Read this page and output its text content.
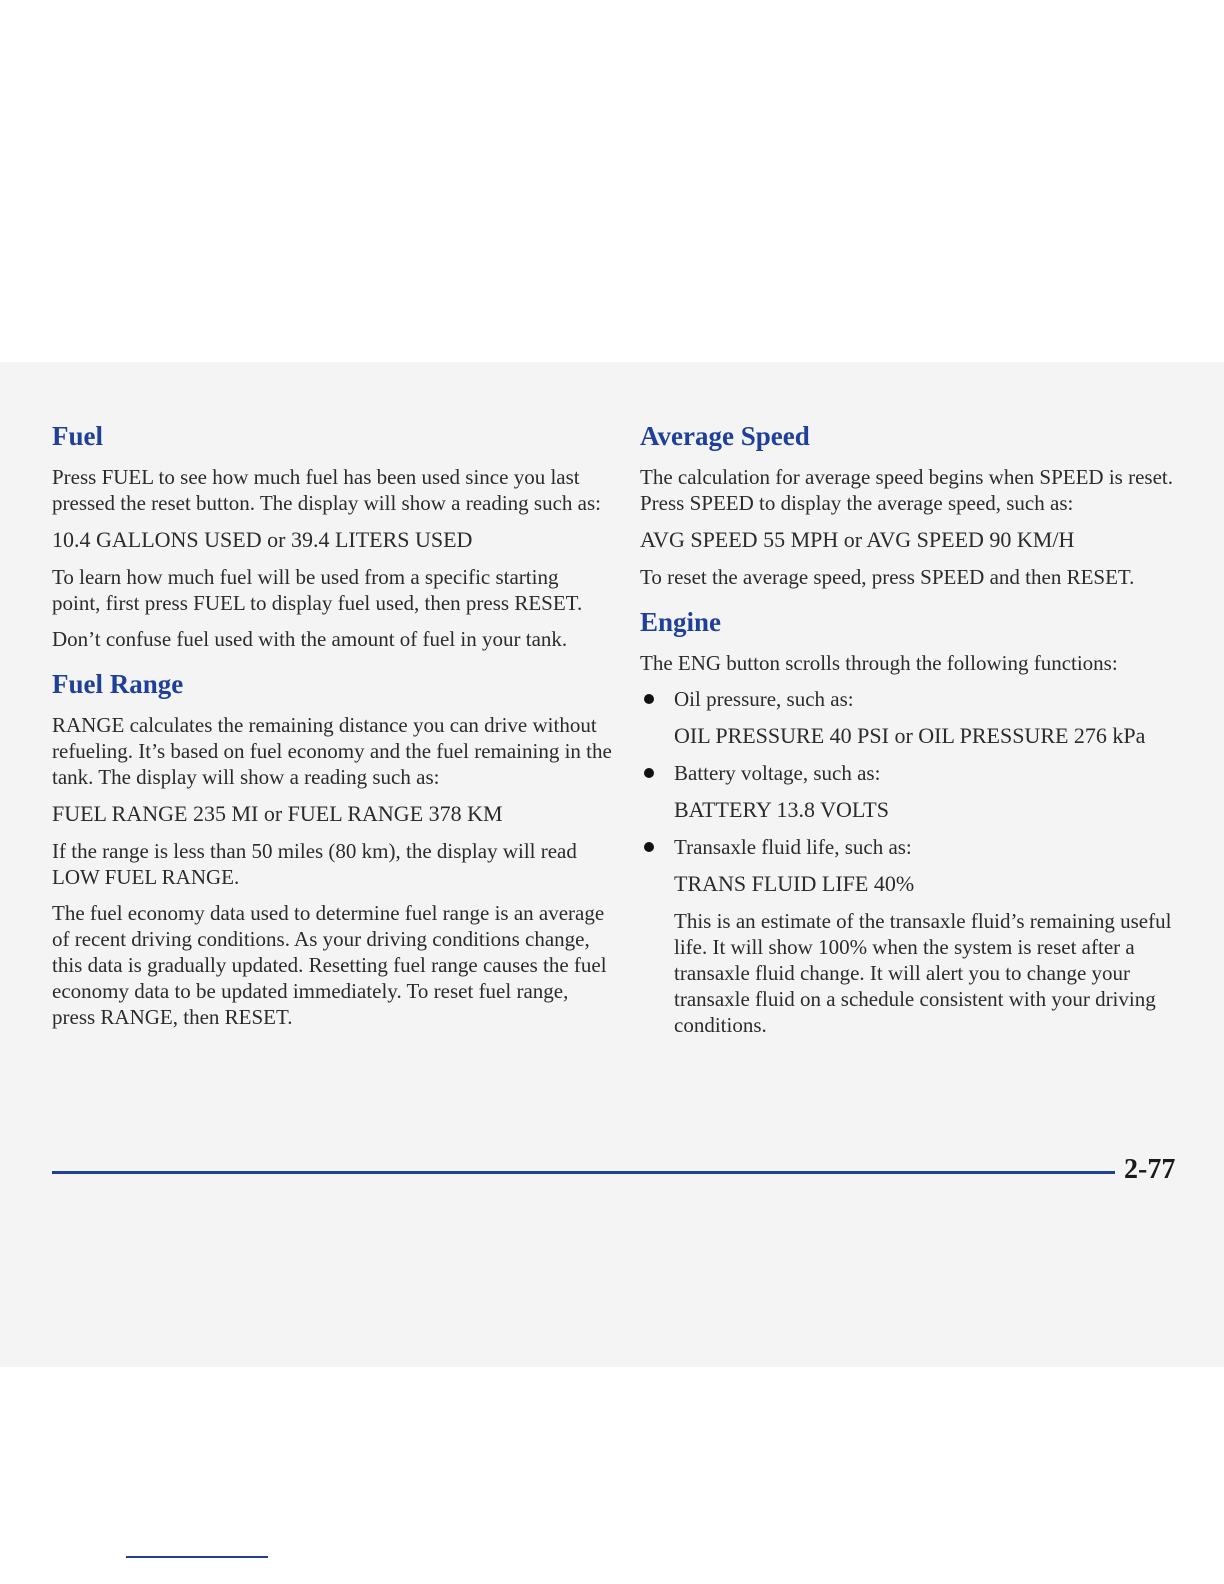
Fuel

Press FUEL to see how much fuel has been used since you last pressed the reset button. The display will show a reading such as:

10.4 GALLONS USED or 39.4 LITERS USED

To learn how much fuel will be used from a specific starting point, first press FUEL to display fuel used, then press RESET.

Don’t confuse fuel used with the amount of fuel in your tank.

Fuel Range

RANGE calculates the remaining distance you can drive without refueling. It’s based on fuel economy and the fuel remaining in the tank. The display will show a reading such as:

FUEL RANGE 235 MI or FUEL RANGE 378 KM

If the range is less than 50 miles (80 km), the display will read LOW FUEL RANGE.

The fuel economy data used to determine fuel range is an average of recent driving conditions. As your driving conditions change, this data is gradually updated. Resetting fuel range causes the fuel economy data to be updated immediately. To reset fuel range, press RANGE, then RESET.

Average Speed

The calculation for average speed begins when SPEED is reset. Press SPEED to display the average speed, such as:

AVG SPEED 55 MPH or AVG SPEED 90 KM/H

To reset the average speed, press SPEED and then RESET.

Engine

The ENG button scrolls through the following functions:

Oil pressure, such as:

OIL PRESSURE 40 PSI or OIL PRESSURE 276 kPa

Battery voltage, such as:

BATTERY 13.8 VOLTS

Transaxle fluid life, such as:

TRANS FLUID LIFE 40%

This is an estimate of the transaxle fluid’s remaining useful life. It will show 100% when the system is reset after a transaxle fluid change. It will alert you to change your transaxle fluid on a schedule consistent with your driving conditions.

2-77
